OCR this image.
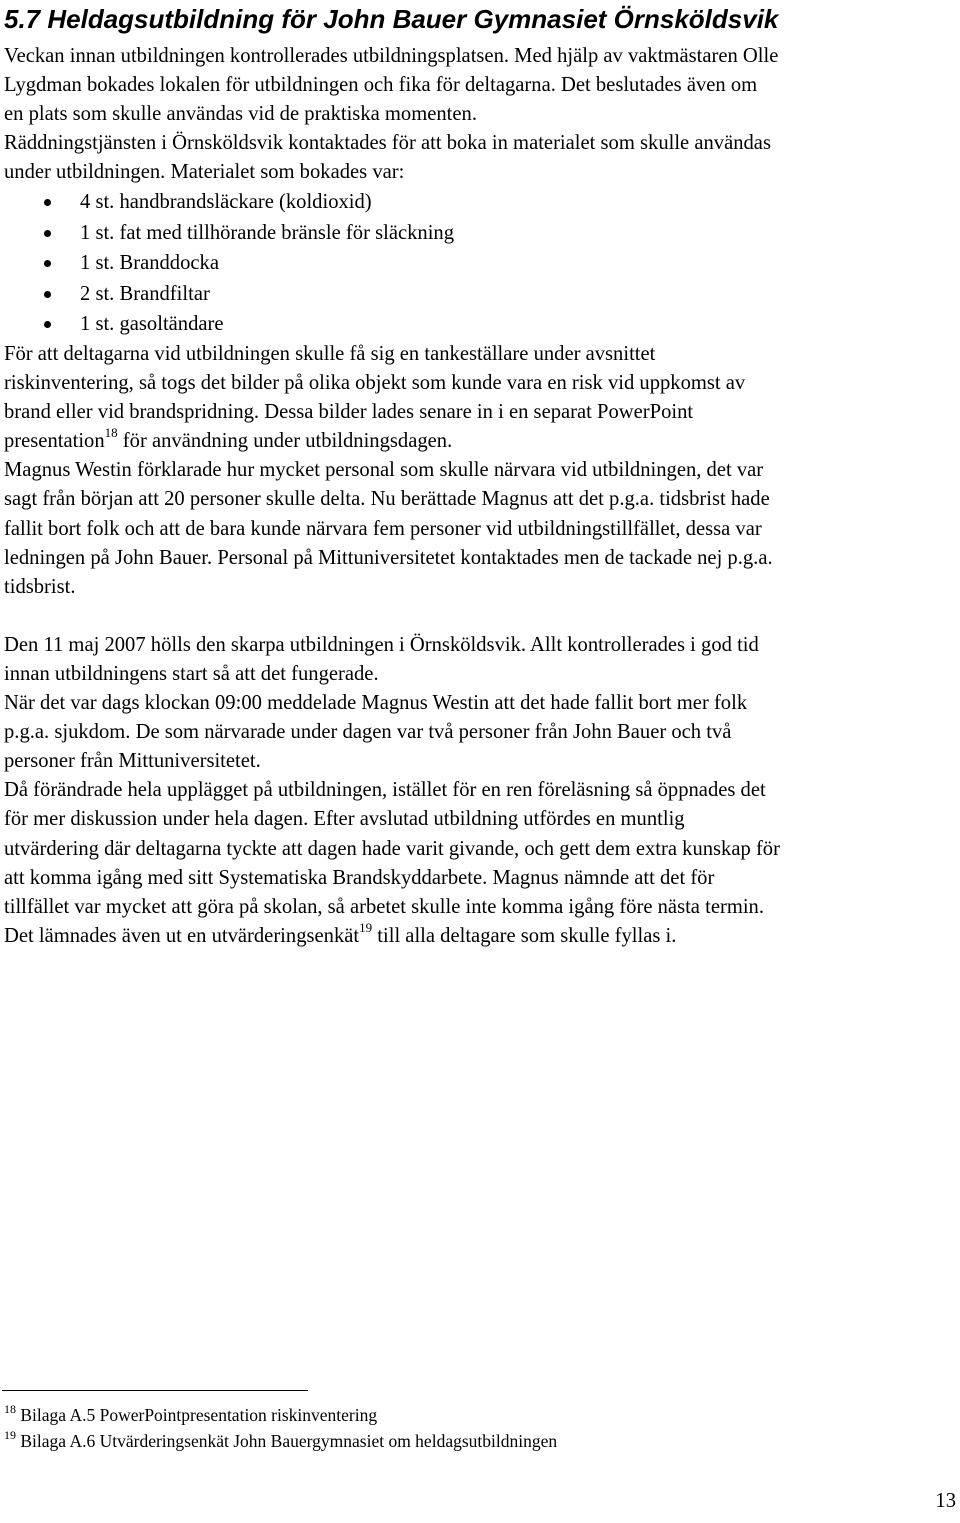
5.7 Heldagsutbildning för John Bauer Gymnasiet Örnsköldsvik

Veckan innan utbildningen kontrollerades utbildningsplatsen. Med hjälp av vaktmästaren Olle
Lygdman bokades lokalen för utbildningen och fika för deltagarna. Det beslutades även om
en plats som skulle användas vid de praktiska momenten.
Räddningstjänsten i Örnsköldsvik kontaktades för att boka in materialet som skulle användas
under utbildningen. Materialet som bokades var:

4 st. handbrandsläckare (koldioxid)
1 st. fat med tillhörande bränsle för släckning
1 st. Branddocka
2 st. Brandfiltar
1 st. gasoltändare

För att deltagarna vid utbildningen skulle få sig en tankeställare under avsnittet
riskinventering, så togs det bilder på olika objekt som kunde vara en risk vid uppkomst av
brand eller vid brandspridning. Dessa bilder lades senare in i en separat PowerPoint
presentation$^{18}$ för användning under utbildningsdagen.

Magnus Westin förklarade hur mycket personal som skulle närvara vid utbildningen, det var
sagt från början att 20 personer skulle delta. Nu berättade Magnus att det p.g.a. tidsbrist hade
fallit bort folk och att de bara kunde närvara fem personer vid utbildningstillfället, dessa var
ledningen på John Bauer. Personal på Mittuniversitetet kontaktades men de tackade nej p.g.a.
tidsbrist.

Den 11 maj 2007 hölls den skarpa utbildningen i Örnsköldsvik. Allt kontrollerades i god tid
innan utbildningens start så att det fungerade.
När det var dags klockan 09:00 meddelade Magnus Westin att det hade fallit bort mer folk
p.g.a. sjukdom. De som närvarade under dagen var två personer från John Bauer och två
personer från Mittuniversitetet.
Då förändrade hela upplägget på utbildningen, istället för en ren föreläsning så öppnades det
för mer diskussion under hela dagen. Efter avslutad utbildning utfördes en muntlig
utvärdering där deltagarna tyckte att dagen hade varit givande, och gett dem extra kunskap för
att komma igång med sitt Systematiska Brandskyddarbete. Magnus nämnde att det för
tillfället var mycket att göra på skolan, så arbetet skulle inte komma igång före nästa termin.
Det lämnades även ut en utvärderingsenkät$^{19}$ till alla deltagare som skulle fyllas i.

$^{18}$ Bilaga A.5 PowerPointpresentation riskinventering
$^{19}$ Bilaga A.6 Utvärderingsenkät John Bauergymnasiet om heldagsutbildningen
13
